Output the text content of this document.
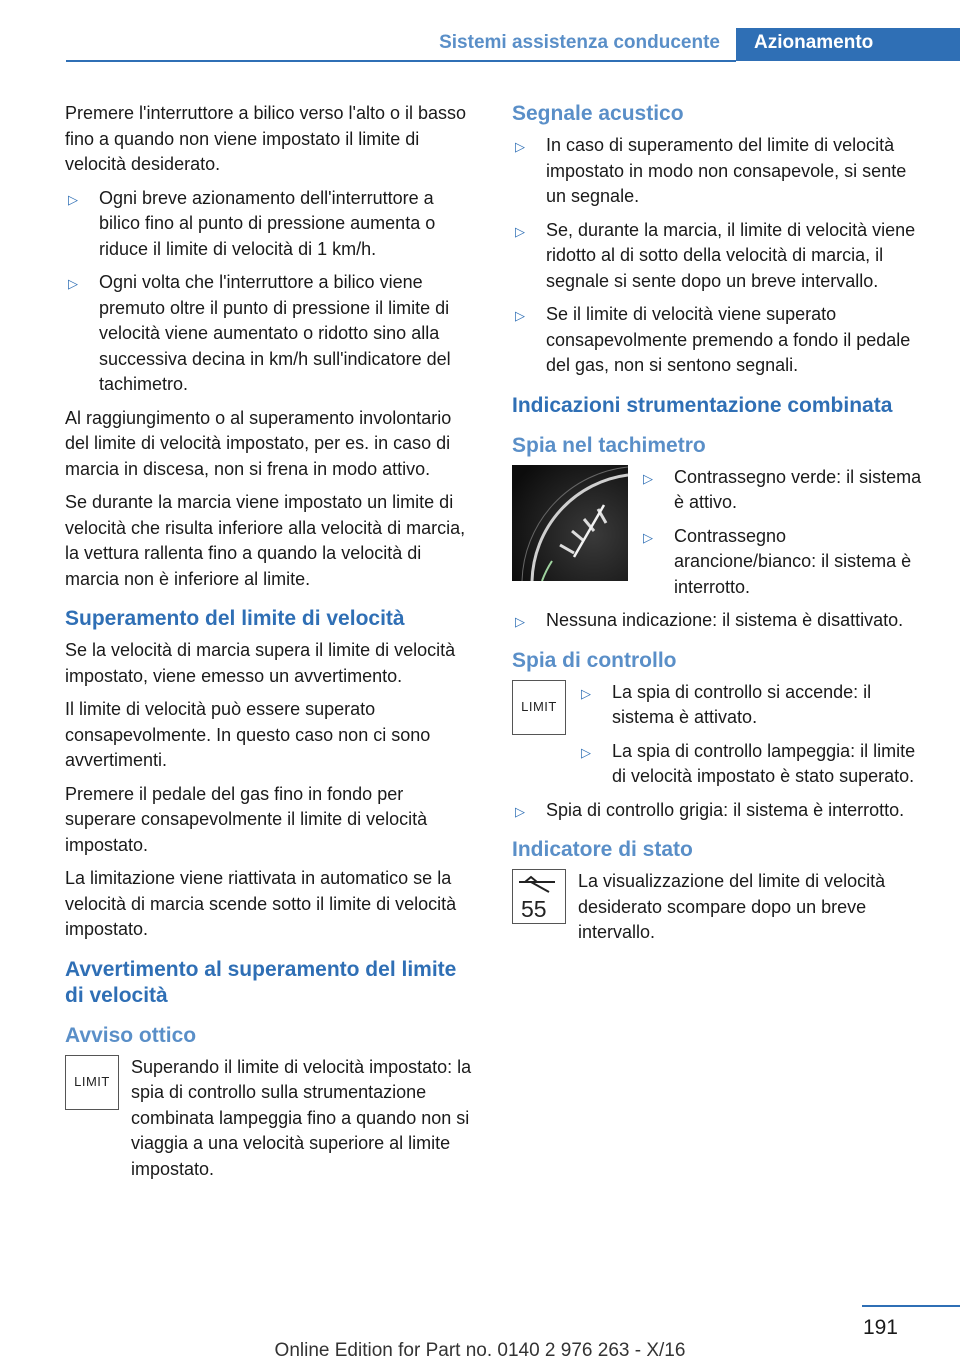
Sistemi assistenza conducente	Azionamento

Premere l'interruttore a bilico verso l'alto o il basso fino a quando non viene impostato il limite di velocità desiderato.

▷ Ogni breve azionamento dell'interruttore a bilico fino al punto di pressione aumenta o riduce il limite di velocità di 1 km/h.
▷ Ogni volta che l'interruttore a bilico viene premuto oltre il punto di pressione il limite di velocità viene aumentato o ridotto sino alla successiva decina in km/h sull'indicatore del tachimetro.

Al raggiungimento o al superamento involontario del limite di velocità impostato, per es. in caso di marcia in discesa, non si frena in modo attivo.

Se durante la marcia viene impostato un limite di velocità che risulta inferiore alla velocità di marcia, la vettura rallenta fino a quando la velocità di marcia non è inferiore al limite.

Superamento del limite di velocità

Se la velocità di marcia supera il limite di velocità impostato, viene emesso un avvertimento.

Il limite di velocità può essere superato consapevolmente. In questo caso non ci sono avvertimenti.

Premere il pedale del gas fino in fondo per superare consapevolmente il limite di velocità impostato.

La limitazione viene riattivata in automatico se la velocità di marcia scende sotto il limite di velocità impostato.

Avvertimento al superamento del limite di velocità
Avviso ottico
LIMIT
Superando il limite di velocità impostato: la spia di controllo sulla strumentazione combinata lampeggia fino a quando non si viaggia a una velocità superiore al limite impostato.
Segnale acustico
▷ In caso di superamento del limite di velocità impostato in modo non consapevole, si sente un segnale.
▷ Se, durante la marcia, il limite di velocità viene ridotto al di sotto della velocità di marcia, il segnale si sente dopo un breve intervallo.
▷ Se il limite di velocità viene superato consapevolmente premendo a fondo il pedale del gas, non si sentono segnali.
Indicazioni strumentazione combinata
Spia nel tachimetro
▷ Contrassegno verde: il sistema è attivo.
▷ Contrassegno arancione/bianco: il sistema è interrotto.
▷ Nessuna indicazione: il sistema è disattivato.
Spia di controllo
LIMIT
▷ La spia di controllo si accende: il sistema è attivato.
▷ La spia di controllo lampeggia: il limite di velocità impostato è stato superato.
▷ Spia di controllo grigia: il sistema è interrotto.
Indicatore di stato
55
La visualizzazione del limite di velocità desiderato scompare dopo un breve intervallo.
191
Online Edition for Part no. 0140 2 976 263 - X/16
